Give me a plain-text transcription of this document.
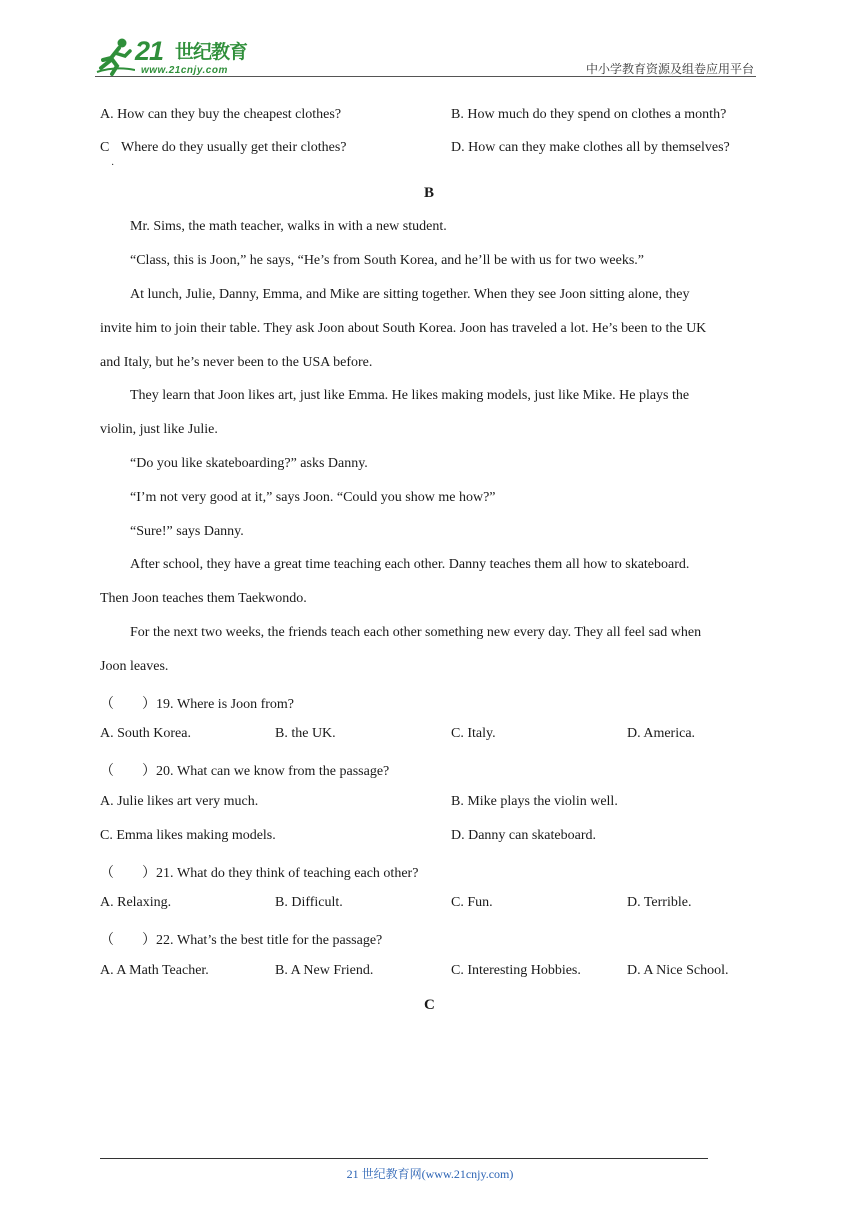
21 世纪教育
www.21cnjy.com	中小学教育资源及组卷应用平台
A. How can they buy the cheapest clothes?	B. How much do they spend on clothes a month?
C Where do they usually get their clothes?	D. How can they make clothes all by themselves?
·
B
Mr. Sims, the math teacher, walks in with a new student.
“Class, this is Joon,” he says, “He’s from South Korea, and he’ll be with us for two weeks.”
At lunch, Julie, Danny, Emma, and Mike are sitting together. When they see Joon sitting alone, they
invite him to join their table. They ask Joon about South Korea. Joon has traveled a lot. He’s been to the UK
and Italy, but he’s never been to the USA before.
They learn that Joon likes art, just like Emma. He likes making models, just like Mike. He plays the
violin, just like Julie.
“Do you like skateboarding?” asks Danny.
“I’m not very good at it,” says Joon. “Could you show me how?”
“Sure!” says Danny.
After school, they have a great time teaching each other. Danny teaches them all how to skateboard.
Then Joon teaches them Taekwondo.
For the next two weeks, the friends teach each other something new every day. They all feel sad when
Joon leaves.
（　　）19. Where is Joon from?
A. South Korea.	B. the UK.	C. Italy.	D. America.
（　　）20. What can we know from the passage?
A. Julie likes art very much.	B. Mike plays the violin well.
C. Emma likes making models.	D. Danny can skateboard.
（　　）21. What do they think of teaching each other?
A. Relaxing.	B. Difficult.	C. Fun.	D. Terrible.
（　　）22. What’s the best title for the passage?
A. A Math Teacher.	B. A New Friend.	C. Interesting Hobbies.	D. A Nice School.
C
21 世纪教育网(www.21cnjy.com)
